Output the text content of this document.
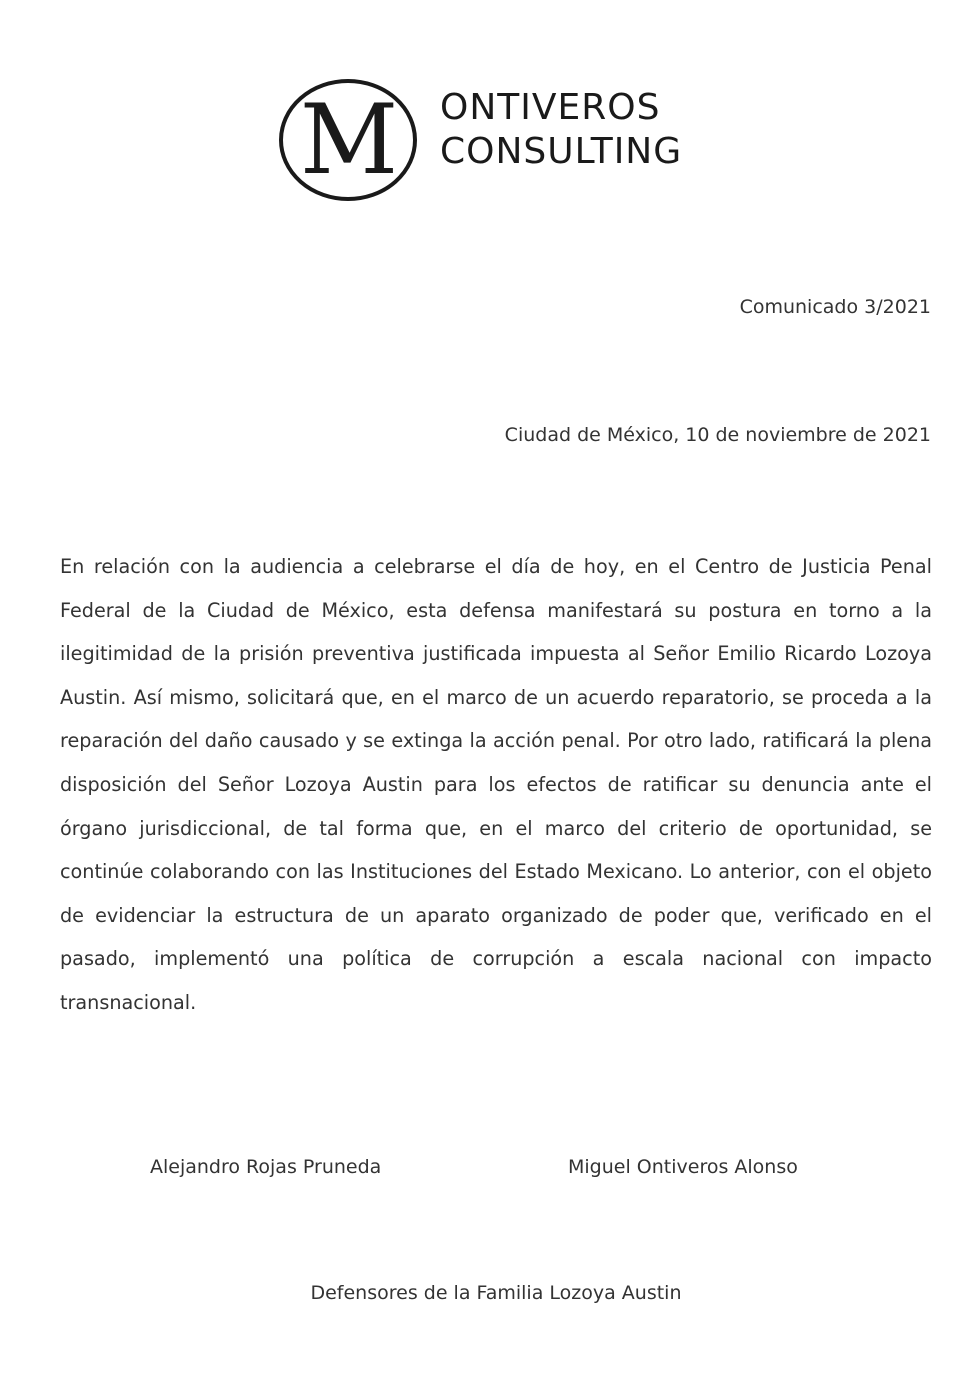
M ONTIVEROS
CONSULTING
Comunicado 3/2021
Ciudad de México, 10 de noviembre de 2021

En relación con la audiencia a celebrarse el día de hoy, en el Centro de Justicia Penal Federal de la Ciudad de México, esta defensa manifestará su postura en torno a la ilegitimidad de la prisión preventiva justificada impuesta al Señor Emilio Ricardo Lozoya Austin. Así mismo, solicitará que, en el marco de un acuerdo reparatorio, se proceda a la reparación del daño causado y se extinga la acción penal. Por otro lado, ratificará la plena disposición del Señor Lozoya Austin para los efectos de ratificar su denuncia ante el órgano jurisdiccional, de tal forma que, en el marco del criterio de oportunidad, se continúe colaborando con las Instituciones del Estado Mexicano. Lo anterior, con el objeto de evidenciar la estructura de un aparato organizado de poder que, verificado en el pasado, implementó una política de corrupción a escala nacional con impacto transnacional.

Alejandro Rojas Pruneda	Miguel Ontiveros Alonso
Defensores de la Familia Lozoya Austin
